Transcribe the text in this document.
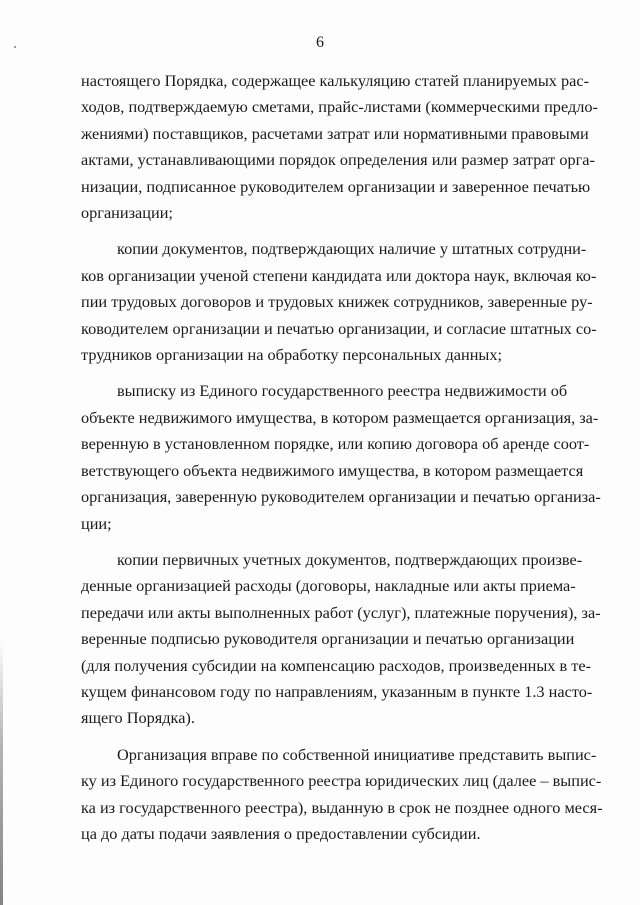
6

настоящего Порядка, содержащее калькуляцию статей планируемых рас-
ходов, подтверждаемую сметами, прайс-листами (коммерческими предло-
жениями) поставщиков, расчетами затрат или нормативными правовыми
актами, устанавливающими порядок определения или размер затрат орга-
низации, подписанное руководителем организации и заверенное печатью
организации;

копии документов, подтверждающих наличие у штатных сотрудни-
ков организации ученой степени кандидата или доктора наук, включая ко-
пии трудовых договоров и трудовых книжек сотрудников, заверенные ру-
ководителем организации и печатью организации, и согласие штатных со-
трудников организации на обработку персональных данных;

выписку из Единого государственного реестра недвижимости об
объекте недвижимого имущества, в котором размещается организация, за-
веренную в установленном порядке, или копию договора об аренде соот-
ветствующего объекта недвижимого имущества, в котором размещается
организация, заверенную руководителем организации и печатью организа-
ции;

копии первичных учетных документов, подтверждающих произве-
денные организацией расходы (договоры, накладные или акты приема-
передачи или акты выполненных работ (услуг), платежные поручения), за-
веренные подписью руководителя организации и печатью организации
(для получения субсидии на компенсацию расходов, произведенных в те-
кущем финансовом году по направлениям, указанным в пункте 1.3 насто-
ящего Порядка).

Организация вправе по собственной инициативе представить выпис-
ку из Единого государственного реестра юридических лиц (далее – выпис-
ка из государственного реестра), выданную в срок не позднее одного меся-
ца до даты подачи заявления о предоставлении субсидии.
